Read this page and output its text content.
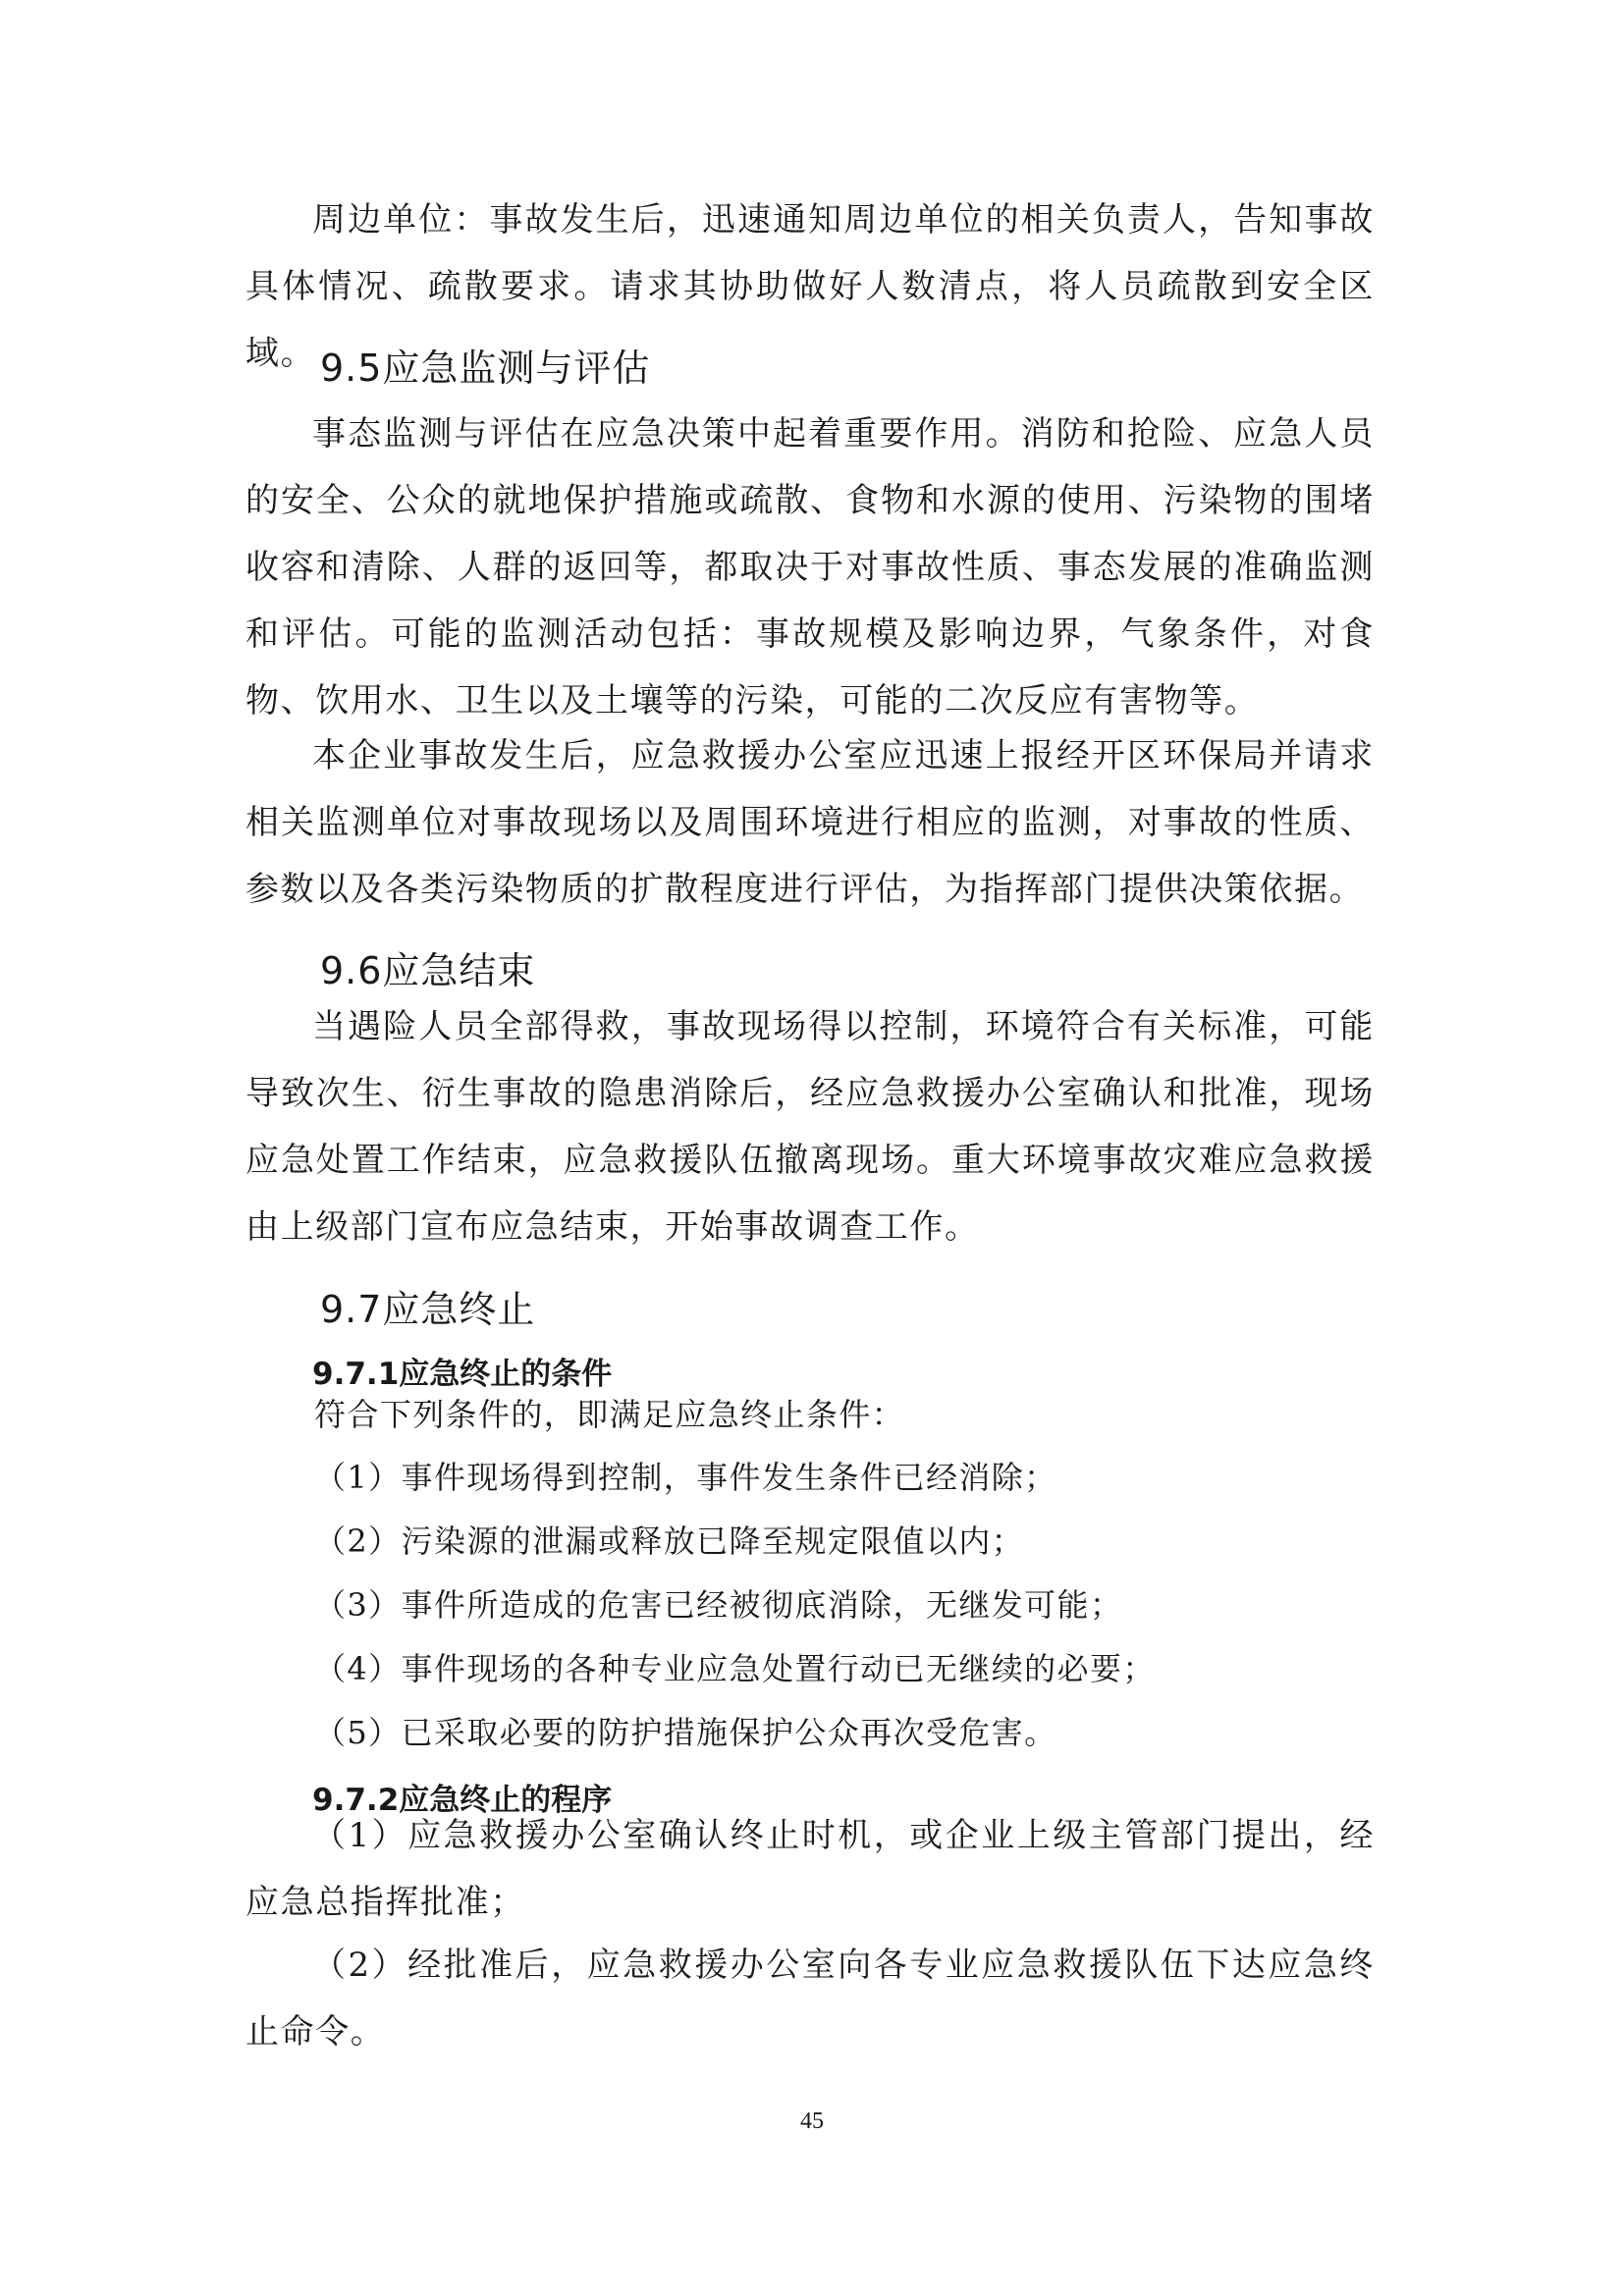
周边单位：事故发生后，迅速通知周边单位的相关负责人，告知事故具体情况、疏散要求。请求其协助做好人数清点，将人员疏散到安全区域。 9.5应急监测与评估

事态监测与评估在应急决策中起着重要作用。消防和抢险、应急人员的安全、公众的就地保护措施或疏散、食物和水源的使用、污染物的围堵收容和清除、人群的返回等，都取决于对事故性质、事态发展的准确监测和评估。可能的监测活动包括：事故规模及影响边界，气象条件，对食物、饮用水、卫生以及土壤等的污染，可能的二次反应有害物等。

本企业事故发生后，应急救援办公室应迅速上报经开区环保局并请求相关监测单位对事故现场以及周围环境进行相应的监测，对事故的性质、参数以及各类污染物质的扩散程度进行评估，为指挥部门提供决策依据。

9.6应急结束

当遇险人员全部得救，事故现场得以控制，环境符合有关标准，可能导致次生、衍生事故的隐患消除后，经应急救援办公室确认和批准，现场应急处置工作结束，应急救援队伍撤离现场。重大环境事故灾难应急救援由上级部门宣布应急结束，开始事故调查工作。

9.7应急终止
9.7.1应急终止的条件

符合下列条件的，即满足应急终止条件：

（1）事件现场得到控制，事件发生条件已经消除；

（2）污染源的泄漏或释放已降至规定限值以内；

（3）事件所造成的危害已经被彻底消除，无继发可能；

（4）事件现场的各种专业应急处置行动已无继续的必要；

（5）已采取必要的防护措施保护公众再次受危害。

9.7.2应急终止的程序

（1）应急救援办公室确认终止时机，或企业上级主管部门提出，经应急总指挥批准；

（2）经批准后，应急救援办公室向各专业应急救援队伍下达应急终止命令。

45
